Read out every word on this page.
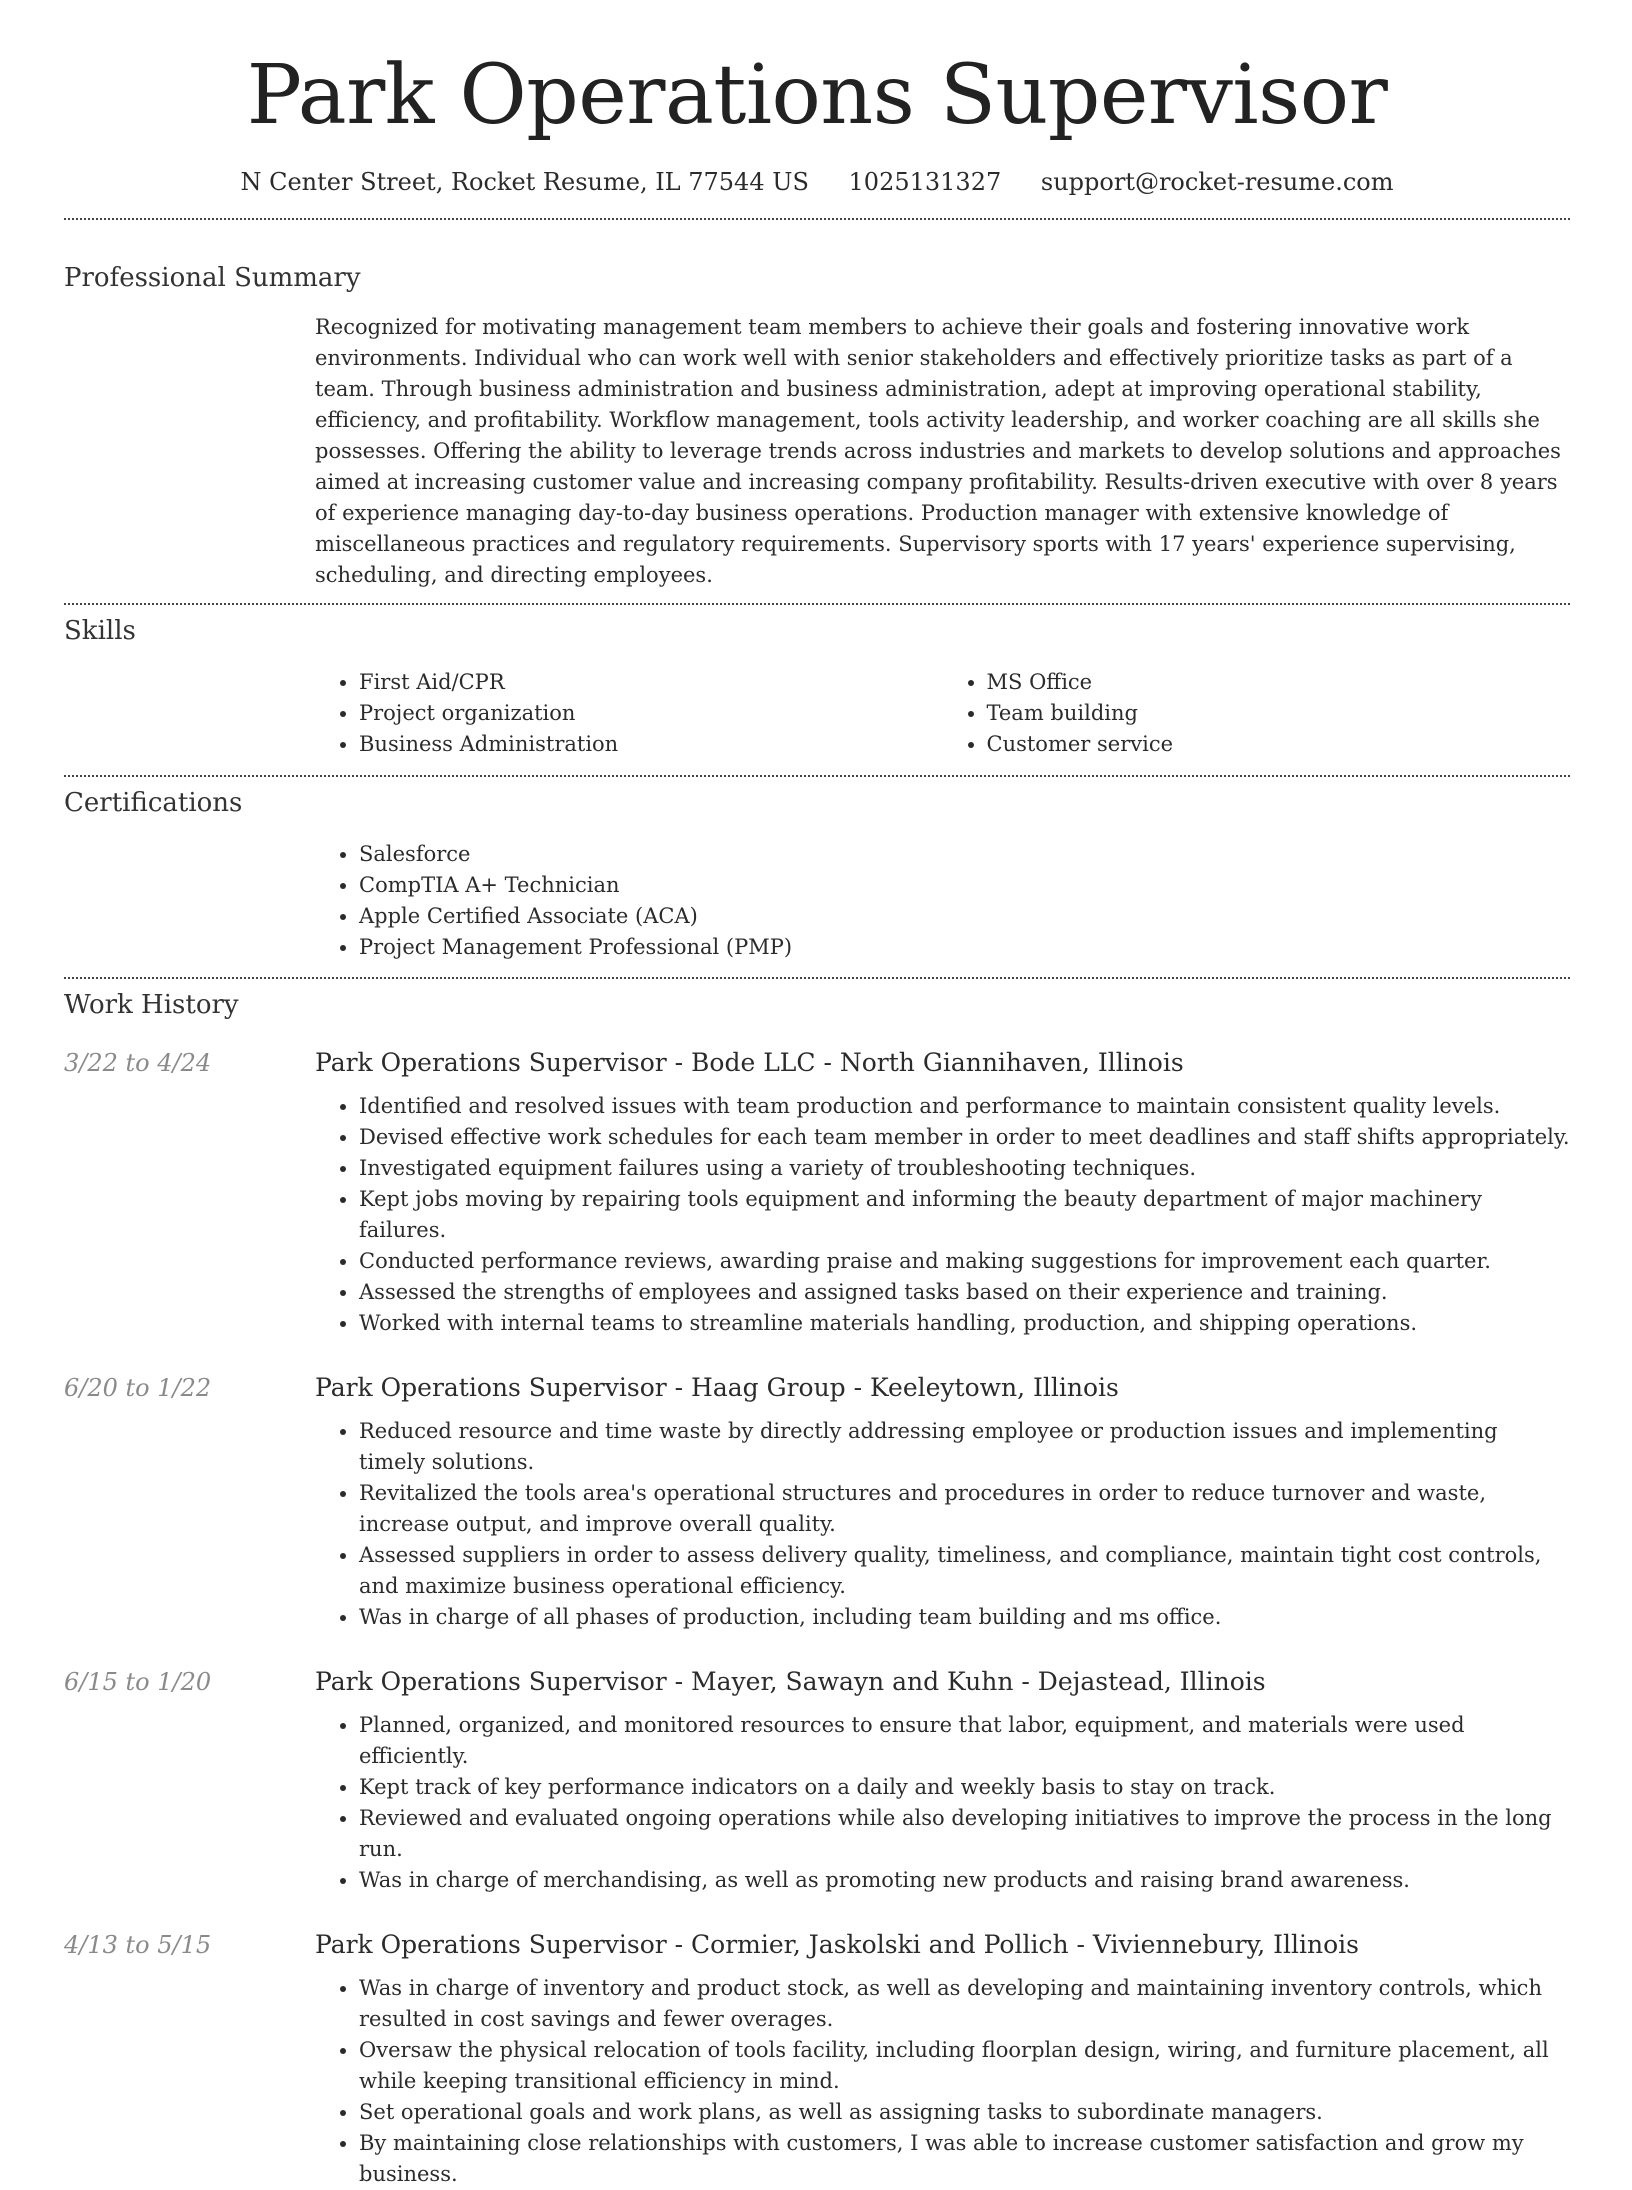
Park Operations Supervisor
N Center Street, Rocket Resume, IL 77544 US 1025131327 support@rocket-resume.com
Professional Summary

Recognized for motivating management team members to achieve their goals and fostering innovative work environments. Individual who can work well with senior stakeholders and effectively prioritize tasks as part of a team. Through business administration and business administration, adept at improving operational stability, efficiency, and profitability. Workflow management, tools activity leadership, and worker coaching are all skills she possesses. Offering the ability to leverage trends across industries and markets to develop solutions and approaches aimed at increasing customer value and increasing company profitability. Results-driven executive with over 8 years of experience managing day-to-day business operations. Production manager with extensive knowledge of miscellaneous practices and regulatory requirements. Supervisory sports with 17 years' experience supervising, scheduling, and directing employees.

Skills
• First Aid/CPR
• Project organization
• Business Administration
• MS Office
• Team building
• Customer service
Certifications
• Salesforce
• CompTIA A+ Technician
• Apple Certified Associate (ACA)
• Project Management Professional (PMP)
Work History
3/22 to 4/24	Park Operations Supervisor - Bode LLC - North Giannihaven, Illinois
• Identified and resolved issues with team production and performance to maintain consistent quality levels.
• Devised effective work schedules for each team member in order to meet deadlines and staff shifts appropriately.
• Investigated equipment failures using a variety of troubleshooting techniques.
• Kept jobs moving by repairing tools equipment and informing the beauty department of major machinery failures.
• Conducted performance reviews, awarding praise and making suggestions for improvement each quarter.
• Assessed the strengths of employees and assigned tasks based on their experience and training.
• Worked with internal teams to streamline materials handling, production, and shipping operations.
6/20 to 1/22	Park Operations Supervisor - Haag Group - Keeleytown, Illinois
• Reduced resource and time waste by directly addressing employee or production issues and implementing timely solutions.
• Revitalized the tools area's operational structures and procedures in order to reduce turnover and waste, increase output, and improve overall quality.
• Assessed suppliers in order to assess delivery quality, timeliness, and compliance, maintain tight cost controls, and maximize business operational efficiency.
• Was in charge of all phases of production, including team building and ms office.
6/15 to 1/20	Park Operations Supervisor - Mayer, Sawayn and Kuhn - Dejastead, Illinois
• Planned, organized, and monitored resources to ensure that labor, equipment, and materials were used efficiently.
• Kept track of key performance indicators on a daily and weekly basis to stay on track.
• Reviewed and evaluated ongoing operations while also developing initiatives to improve the process in the long run.
• Was in charge of merchandising, as well as promoting new products and raising brand awareness.
4/13 to 5/15	Park Operations Supervisor - Cormier, Jaskolski and Pollich - Viviennebury, Illinois
• Was in charge of inventory and product stock, as well as developing and maintaining inventory controls, which resulted in cost savings and fewer overages.
• Oversaw the physical relocation of tools facility, including floorplan design, wiring, and furniture placement, all while keeping transitional efficiency in mind.
• Set operational goals and work plans, as well as assigning tasks to subordinate managers.
• By maintaining close relationships with customers, I was able to increase customer satisfaction and grow my business.
